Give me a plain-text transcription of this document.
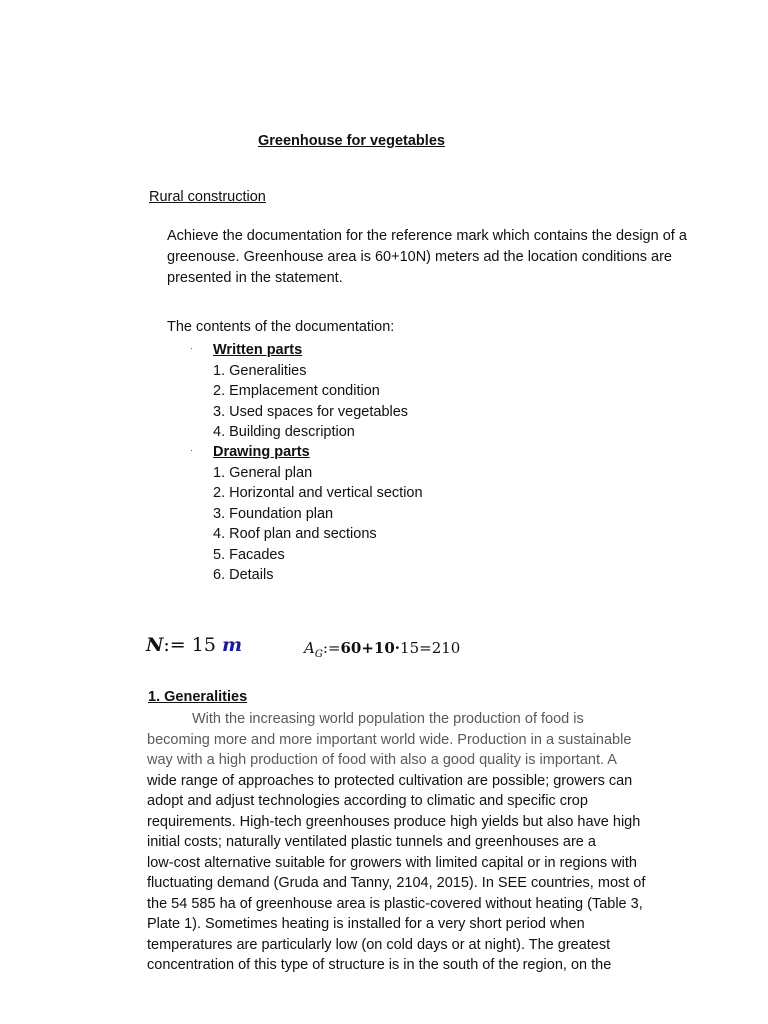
Greenhouse for vegetables
Rural construction
Achieve the documentation for the reference mark which contains the design of a greenouse. Greenhouse area is 60+10N) meters ad the location conditions are presented in the statement.
The contents of the documentation:
· Written parts
1. Generalities
2. Emplacement condition
3. Used spaces for vegetables
4. Building description
· Drawing parts
1. General plan
2. Horizontal and vertical section
3. Foundation plan
4. Roof plan and sections
5. Facades
6. Details
N:= 15 m	$A_G:=60+10\cdot 15=210$
1. Generalities
With the increasing world population the production of food is
becoming more and more important world wide. Production in a sustainable
way with a high production of food with also a good quality is important. A
wide range of approaches to protected cultivation are possible; growers can
adopt and adjust technologies according to climatic and specific crop
requirements. High-tech greenhouses produce high yields but also have high
initial costs; naturally ventilated plastic tunnels and greenhouses are a
low-cost alternative suitable for growers with limited capital or in regions with
fluctuating demand (Gruda and Tanny, 2104, 2015). In SEE countries, most of
the 54 585 ha of greenhouse area is plastic-covered without heating (Table 3,
Plate 1). Sometimes heating is installed for a very short period when
temperatures are particularly low (on cold days or at night). The greatest
concentration of this type of structure is in the south of the region, on the
